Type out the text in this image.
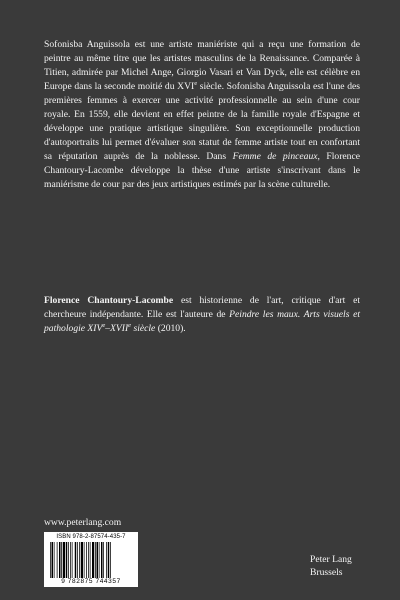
Sofonisba Anguissola est une artiste maniériste qui a reçu une formation de peintre au même titre que les artistes masculins de la Renaissance. Comparée à Titien, admirée par Michel Ange, Giorgio Vasari et Van Dyck, elle est célèbre en Europe dans la seconde moitié du XVIe siècle. Sofonisba Anguissola est l'une des premières femmes à exercer une activité professionnelle au sein d'une cour royale. En 1559, elle devient en effet peintre de la famille royale d'Espagne et développe une pratique artistique singulière. Son exceptionnelle production d'autoportraits lui permet d'évaluer son statut de femme artiste tout en confortant sa réputation auprès de la noblesse. Dans Femme de pinceaux, Florence Chantoury-Lacombe développe la thèse d'une artiste s'inscrivant dans le maniérisme de cour par des jeux artistiques estimés par la scène culturelle.

Florence Chantoury-Lacombe est historienne de l'art, critique d'art et chercheure indépendante. Elle est l'auteure de Peindre les maux. Arts visuels et pathologie XIVe–XVIIe siècle (2010).

www.peterlang.com
ISBN 978-2-87574-435-7
9 782875 744357
Peter Lang
Brussels
